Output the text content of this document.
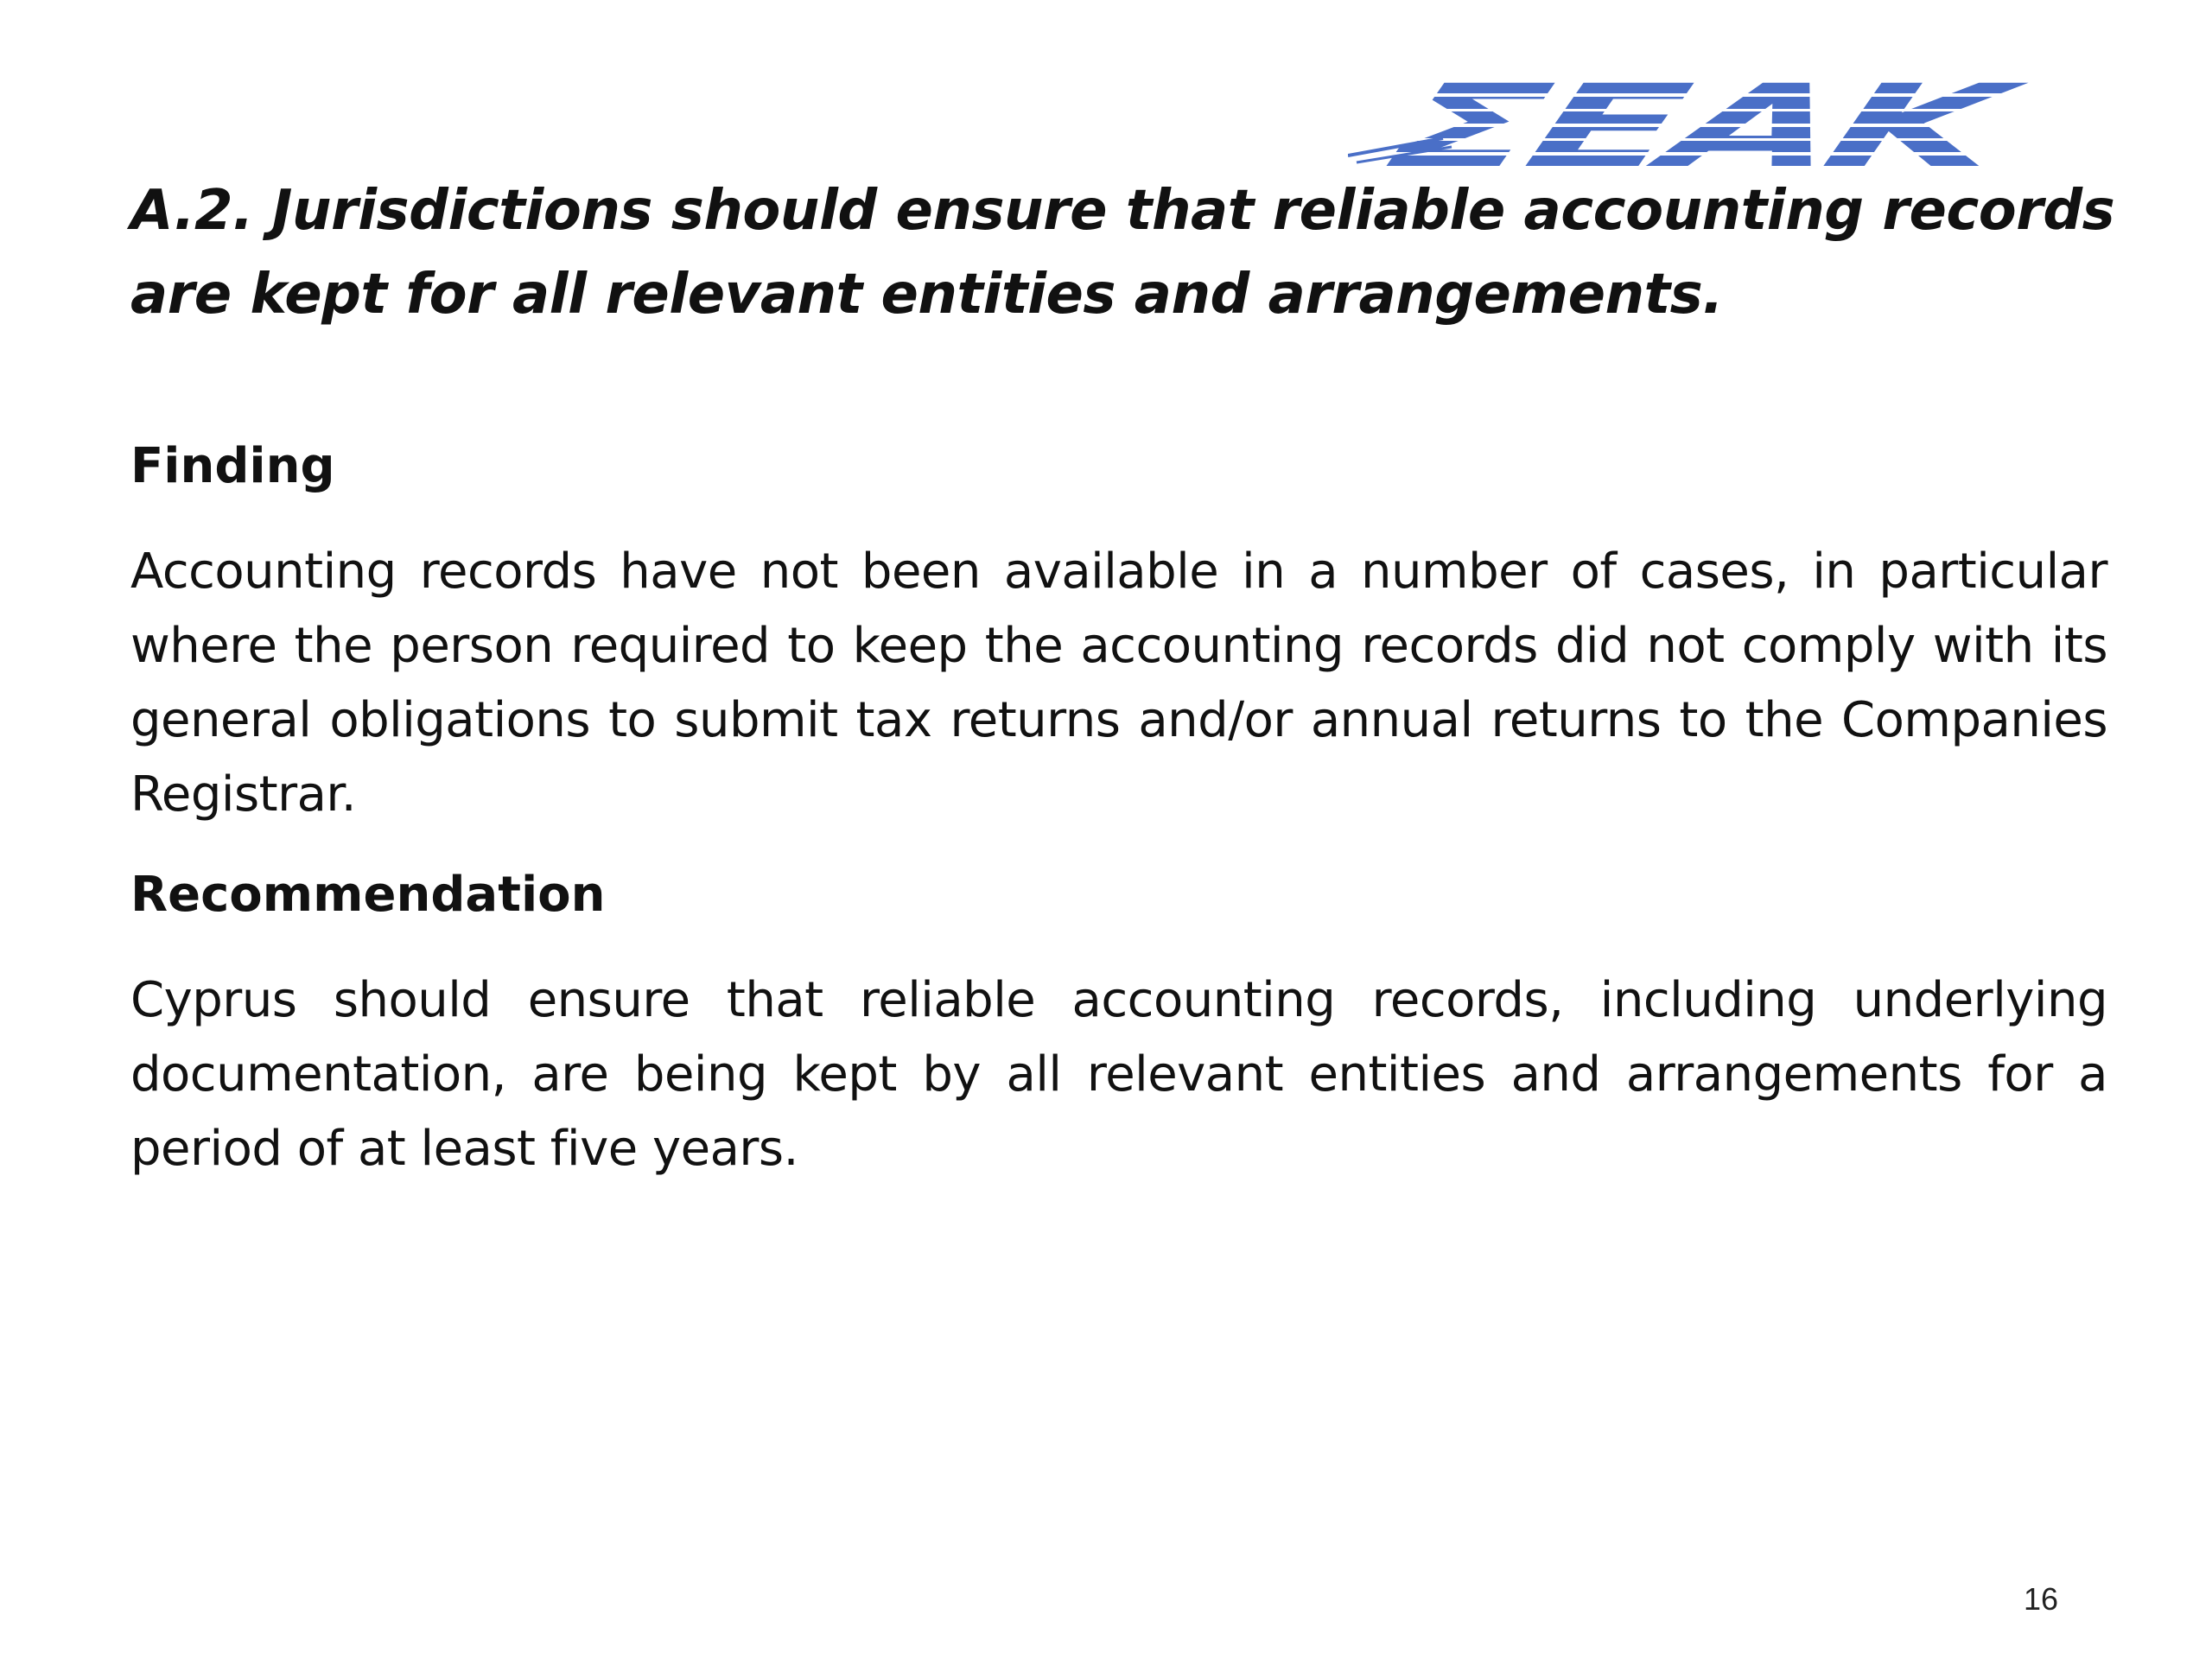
A.2. Jurisdictions should ensure that reliable accounting records are kept for all relevant entities and arrangements.
Finding

Accounting records have not been available in a number of cases, in particular where the person required to keep the accounting records did not comply with its general obligations to submit tax returns and/or annual returns to the Companies Registrar.

Recommendation

Cyprus should ensure that reliable accounting records, including underlying documentation, are being kept by all relevant entities and arrangements for a period of at least five years.

16
